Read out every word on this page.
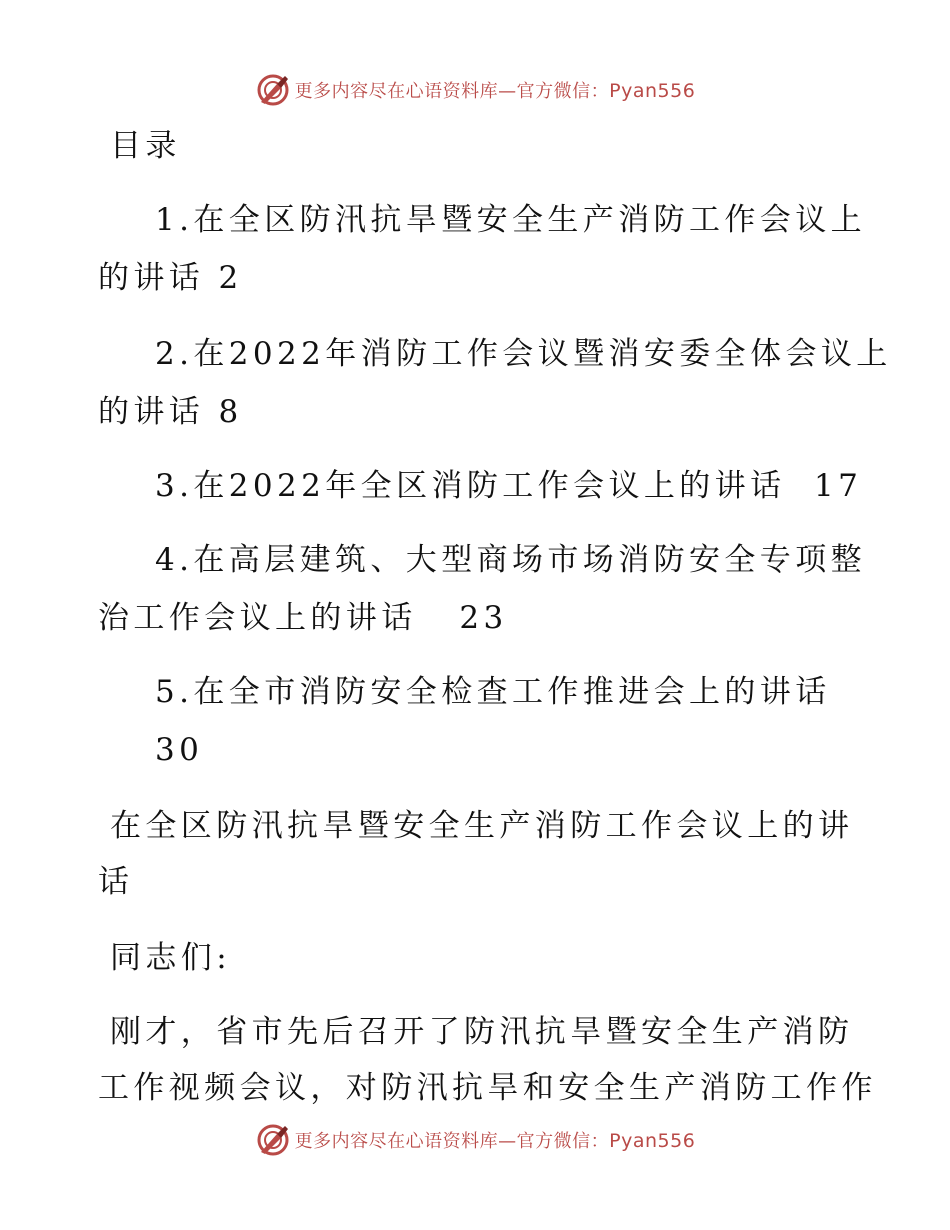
更多内容尽在心语资料库—官方微信：Pyan556
目录
1.在全区防汛抗旱暨安全生产消防工作会议上
的讲话 2
2.在2022年消防工作会议暨消安委全体会议上
的讲话 8
3.在2022年全区消防工作会议上的讲话 17
4.在高层建筑、大型商场市场消防安全专项整
治工作会议上的讲话 23
5.在全市消防安全检查工作推进会上的讲话
30
在全区防汛抗旱暨安全生产消防工作会议上的讲
话
同志们:
刚才，省市先后召开了防汛抗旱暨安全生产消防
工作视频会议，对防汛抗旱和安全生产消防工作作
更多内容尽在心语资料库—官方微信：Pyan556
